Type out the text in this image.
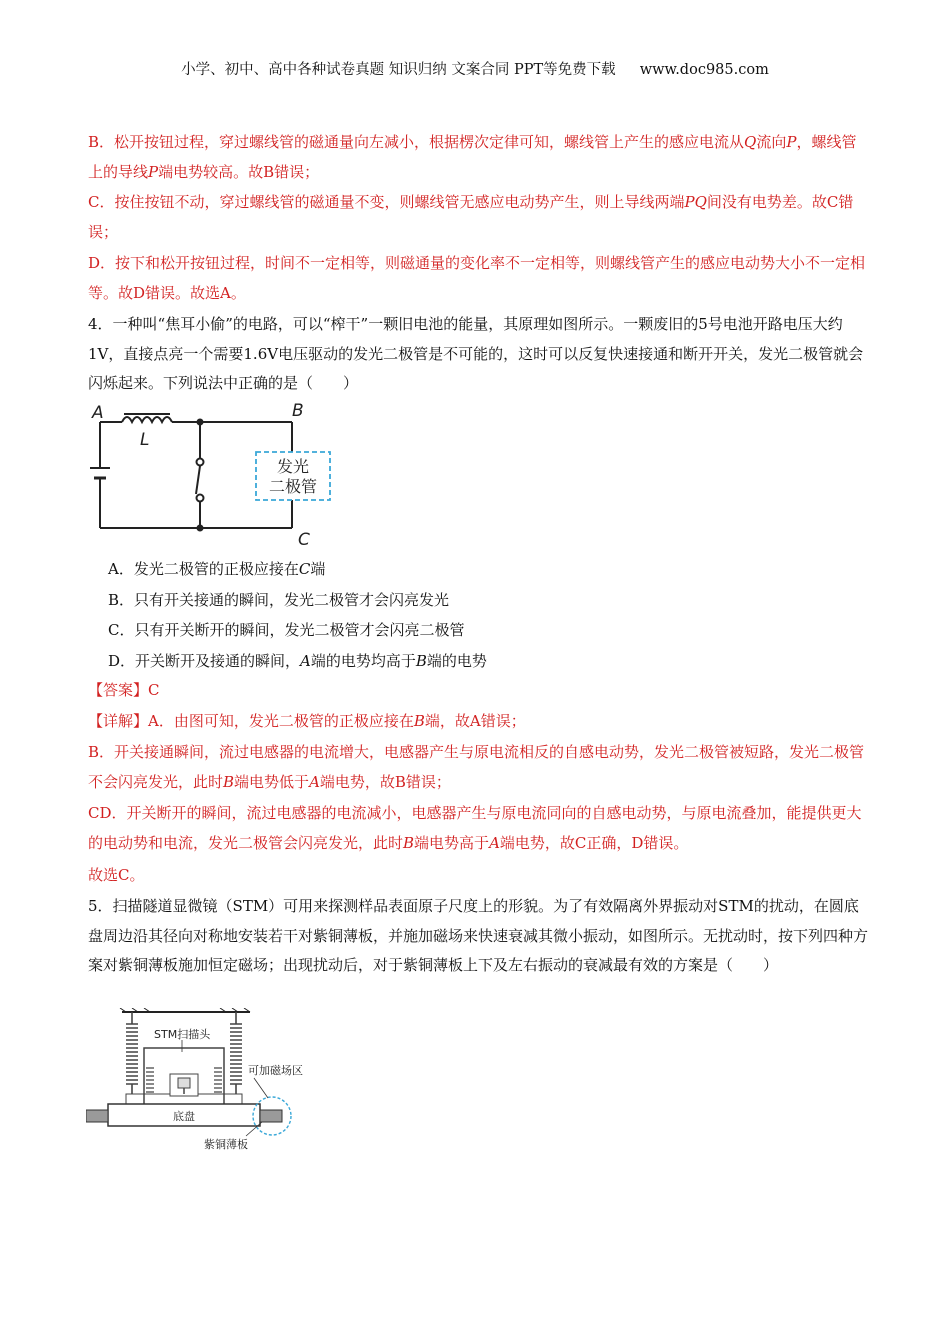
小学、初中、高中各种试卷真题 知识归纳 文案合同 PPT等免费下载 www.doc985.com
B．松开按钮过程，穿过螺线管的磁通量向左减小，根据楞次定律可知，螺线管上产生的感应电流从Q流向P，螺线管上的导线P端电势较高。故B错误；
C．按住按钮不动，穿过螺线管的磁通量不变，则螺线管无感应电动势产生，则上导线两端PQ间没有电势差。故C错误；
D．按下和松开按钮过程，时间不一定相等，则磁通量的变化率不一定相等，则螺线管产生的感应电动势大小不一定相等。故D错误。故选A。
4．一种叫“焦耳小偷”的电路，可以“榨干”一颗旧电池的能量，其原理如图所示。一颗废旧的5号电池开路电压大约1V，直接点亮一个需要1.6V电压驱动的发光二极管是不可能的，这时可以反复快速接通和断开开关，发光二极管就会闪烁起来。下列说法中正确的是（　　）
发光
二极管
A	B
C
L
A．发光二极管的正极应接在C端
B．只有开关接通的瞬间，发光二极管才会闪亮发光
C．只有开关断开的瞬间，发光二极管才会闪亮二极管
D．开关断开及接通的瞬间，A端的电势均高于B端的电势
【答案】C
【详解】A．由图可知，发光二极管的正极应接在B端，故A错误；
B．开关接通瞬间，流过电感器的电流增大，电感器产生与原电流相反的自感电动势，发光二极管被短路，发光二极管不会闪亮发光，此时B端电势低于A端电势，故B错误；
CD．开关断开的瞬间，流过电感器的电流减小，电感器产生与原电流同向的自感电动势，与原电流叠加，能提供更大的电动势和电流，发光二极管会闪亮发光，此时B端电势高于A端电势，故C正确，D错误。
故选C。
5．扫描隧道显微镜（STM）可用来探测样品表面原子尺度上的形貌。为了有效隔离外界振动对STM的扰动，在圆底盘周边沿其径向对称地安装若干对紫铜薄板，并施加磁场来快速衰减其微小振动，如图所示。无扰动时，按下列四种方案对紫铜薄板施加恒定磁场；出现扰动后，对于紫铜薄板上下及左右振动的衰减最有效的方案是（　　）
STM扫描头
底盘
紫铜薄板
可加磁场区
